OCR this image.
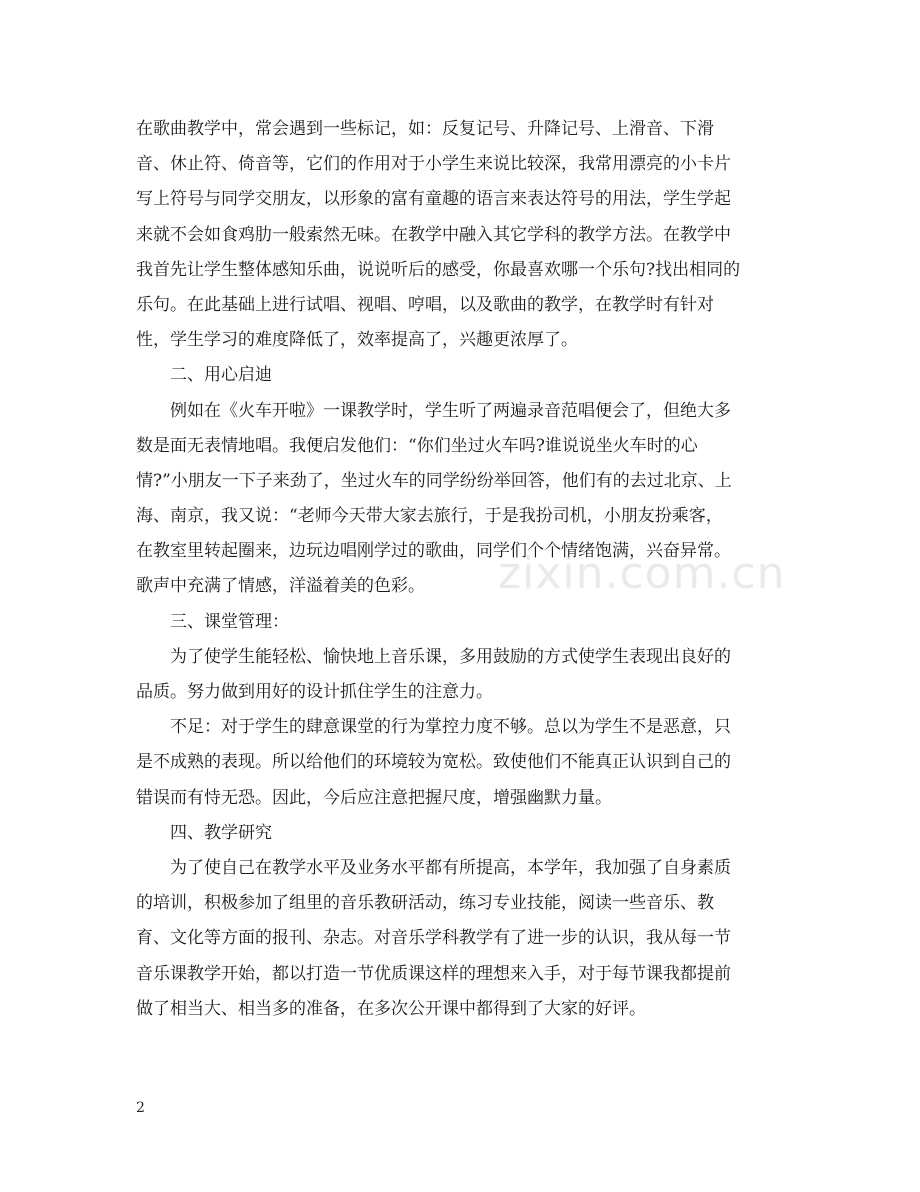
在歌曲教学中，常会遇到一些标记，如：反复记号、升降记号、上滑音、下滑
音、休止符、倚音等，它们的作用对于小学生来说比较深，我常用漂亮的小卡片
写上符号与同学交朋友，以形象的富有童趣的语言来表达符号的用法，学生学起
来就不会如食鸡肋一般索然无味。在教学中融入其它学科的教学方法。在教学中
我首先让学生整体感知乐曲，说说听后的感受，你最喜欢哪一个乐句?找出相同的
乐句。在此基础上进行试唱、视唱、哼唱，以及歌曲的教学，在教学时有针对
性，学生学习的难度降低了，效率提高了，兴趣更浓厚了。
二、用心启迪
例如在《火车开啦》一课教学时，学生听了两遍录音范唱便会了，但绝大多
数是面无表情地唱。我便启发他们：“你们坐过火车吗?谁说说坐火车时的心
情?”小朋友一下子来劲了，坐过火车的同学纷纷举回答，他们有的去过北京、上
海、南京，我又说：“老师今天带大家去旅行，于是我扮司机，小朋友扮乘客，
在教室里转起圈来，边玩边唱刚学过的歌曲，同学们个个情绪饱满，兴奋异常。
歌声中充满了情感，洋溢着美的色彩。
三、课堂管理：
为了使学生能轻松、愉快地上音乐课，多用鼓励的方式使学生表现出良好的
品质。努力做到用好的设计抓住学生的注意力。
不足：对于学生的肆意课堂的行为掌控力度不够。总以为学生不是恶意，只
是不成熟的表现。所以给他们的环境较为宽松。致使他们不能真正认识到自己的
错误而有恃无恐。因此，今后应注意把握尺度，增强幽默力量。
四、教学研究
为了使自己在教学水平及业务水平都有所提高，本学年，我加强了自身素质
的培训，积极参加了组里的音乐教研活动，练习专业技能，阅读一些音乐、教
育、文化等方面的报刊、杂志。对音乐学科教学有了进一步的认识，我从每一节
音乐课教学开始，都以打造一节优质课这样的理想来入手，对于每节课我都提前
做了相当大、相当多的准备，在多次公开课中都得到了大家的好评。
zixin.com.cn
2
